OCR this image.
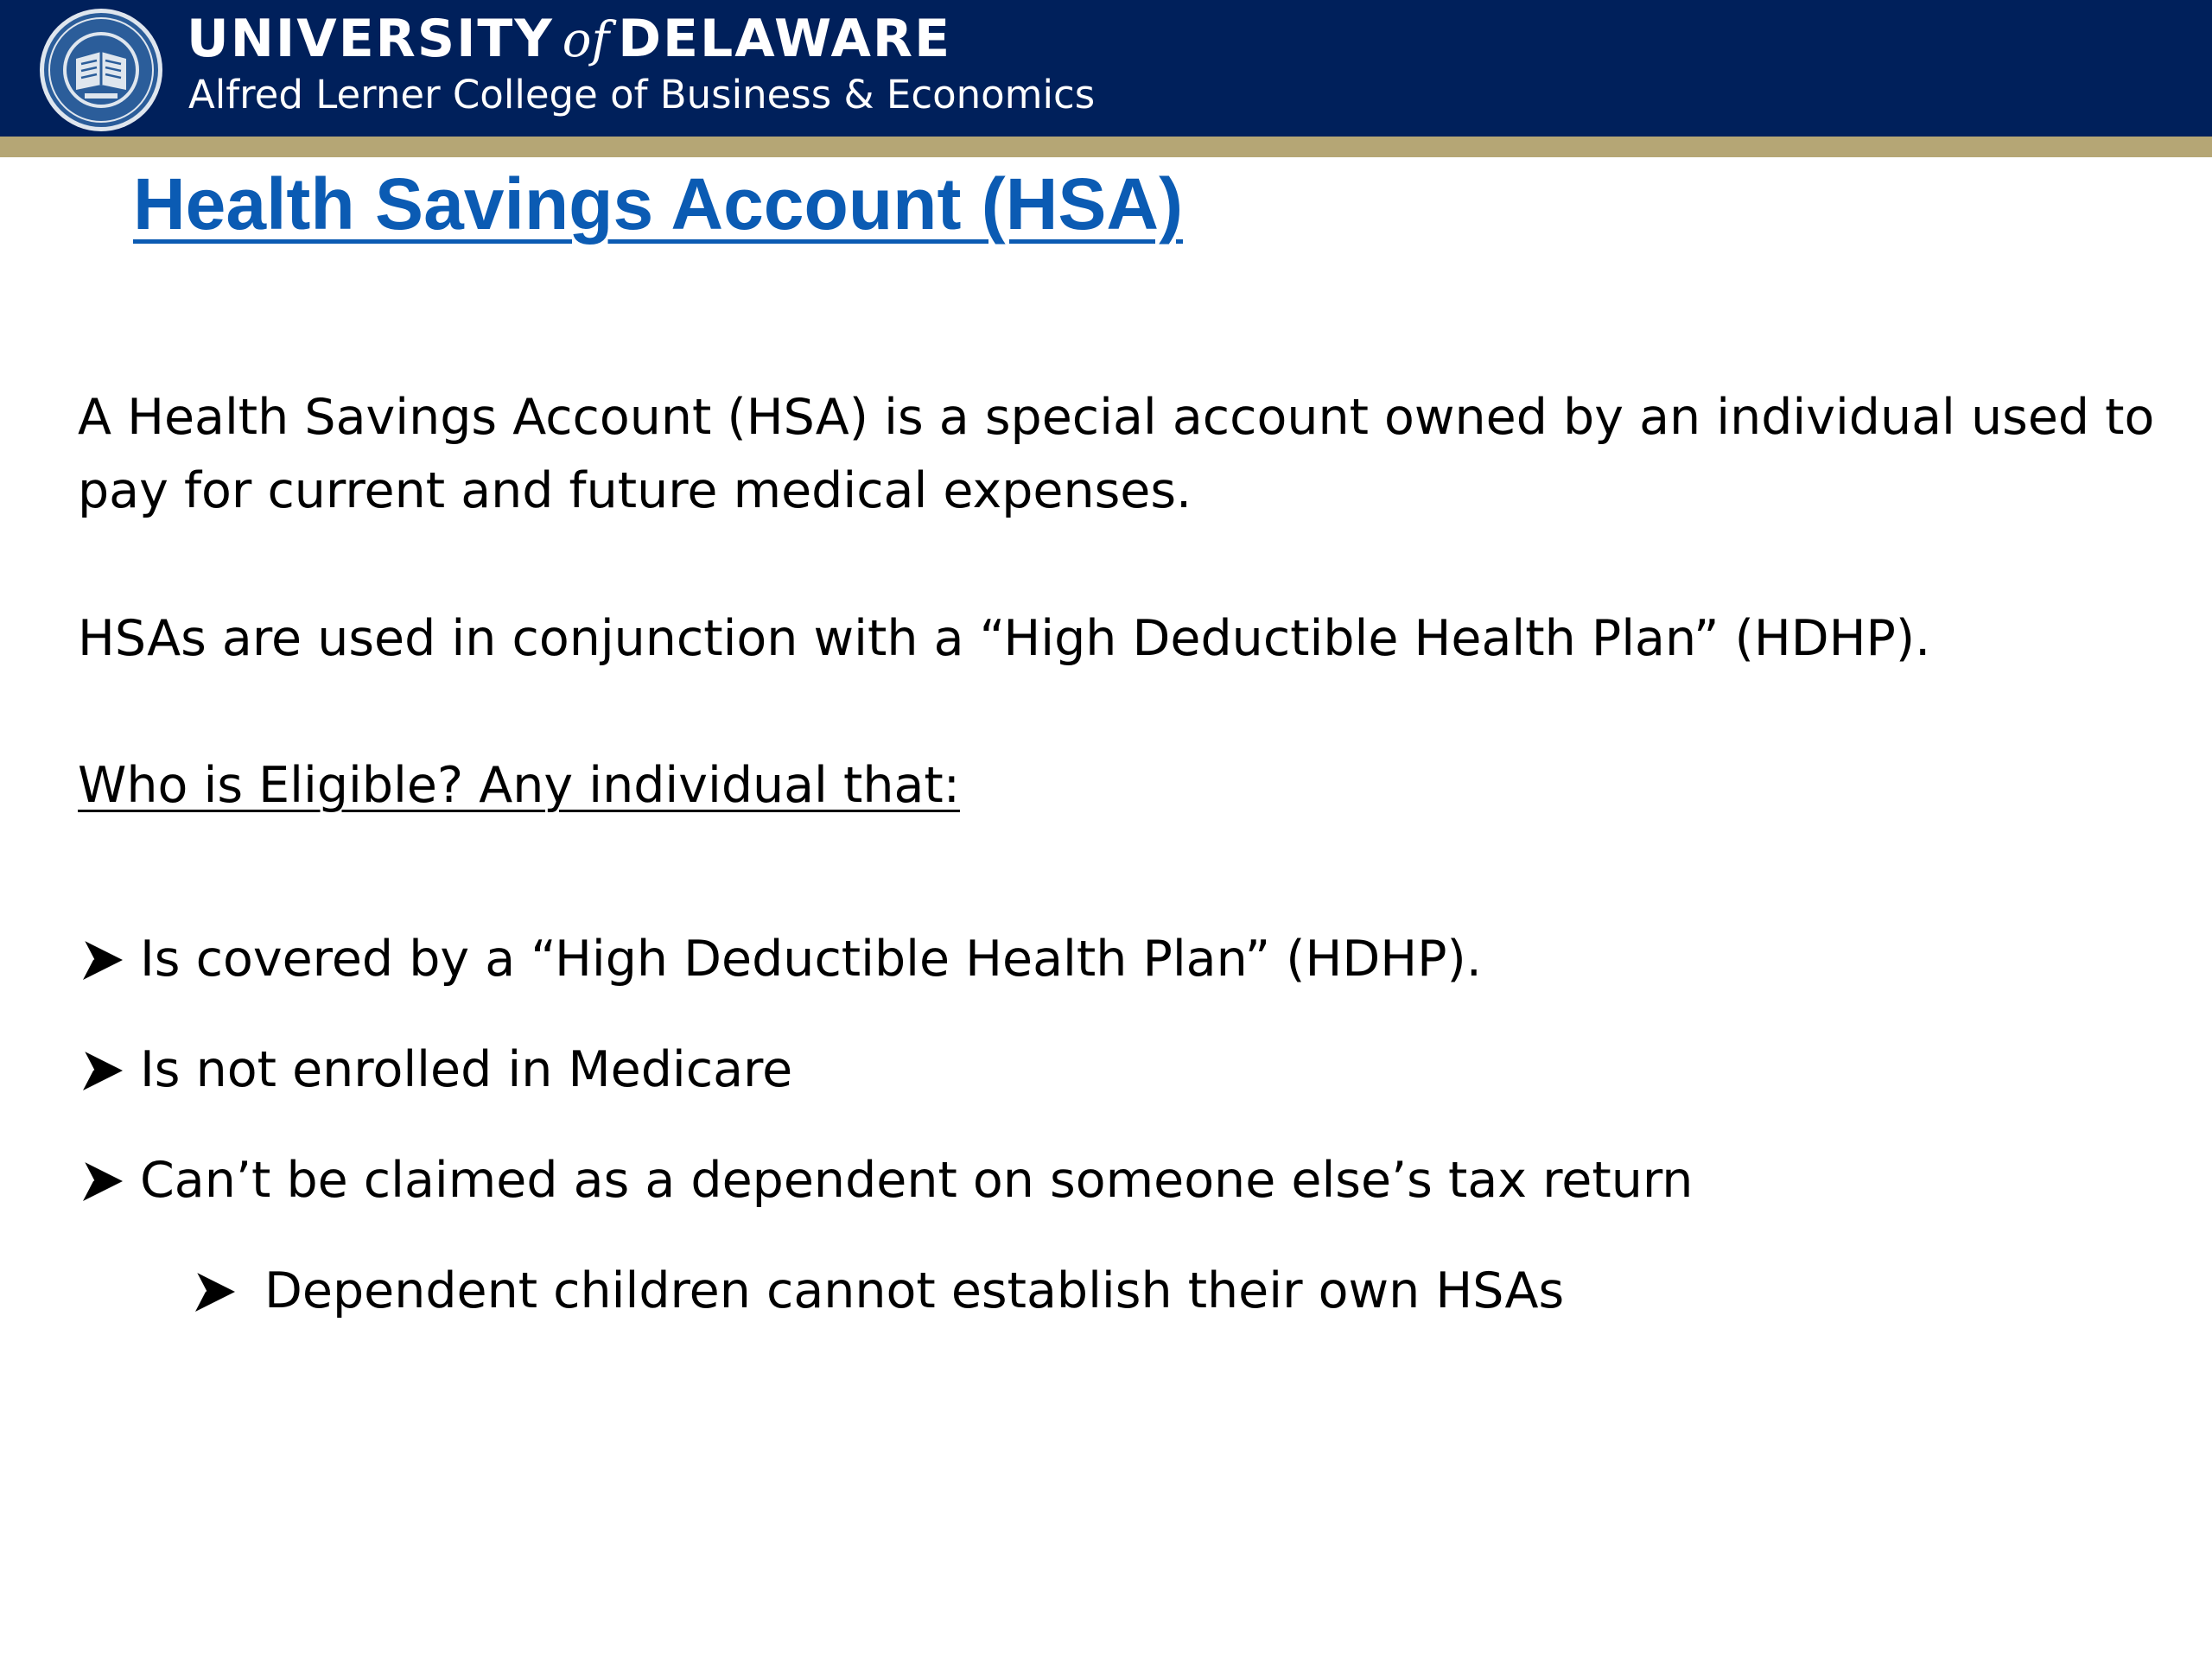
UNIVERSITY of DELAWARE
Alfred Lerner College of Business & Economics
Health Savings Account (HSA)
A Health Savings Account (HSA) is a special account owned by an individual used to
pay for current and future medical expenses.
HSAs are used in conjunction with a “High Deductible Health Plan” (HDHP).
Who is Eligible? Any individual that:
Is covered by a “High Deductible Health Plan” (HDHP).
Is not enrolled in Medicare
Can’t be claimed as a dependent on someone else’s tax return
Dependent children cannot establish their own HSAs
